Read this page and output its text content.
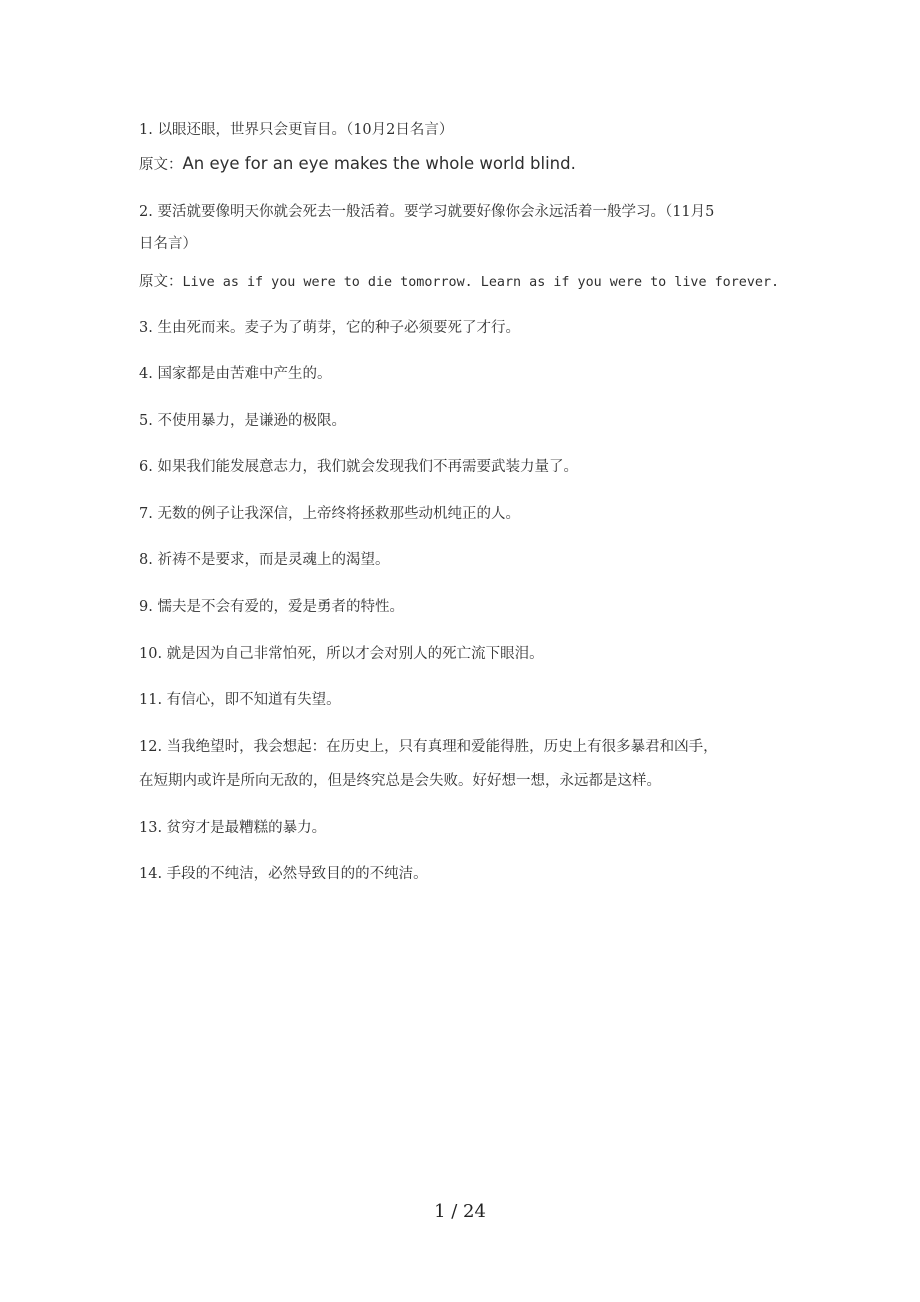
1. 以眼还眼，世界只会更盲目。（10月2日名言）
原文：An eye for an eye makes the whole world blind.
2. 要活就要像明天你就会死去一般活着。要学习就要好像你会永远活着一般学习。（11月5
日名言）
原文：Live as if you were to die tomorrow. Learn as if you were to live forever.
3. 生由死而来。麦子为了萌芽，它的种子必须要死了才行。
4. 国家都是由苦难中产生的。
5. 不使用暴力，是谦逊的极限。
6. 如果我们能发展意志力，我们就会发现我们不再需要武装力量了。
7. 无数的例子让我深信，上帝终将拯救那些动机纯正的人。
8. 祈祷不是要求，而是灵魂上的渴望。
9. 懦夫是不会有爱的，爱是勇者的特性。
10. 就是因为自己非常怕死，所以才会对别人的死亡流下眼泪。
11. 有信心，即不知道有失望。
12. 当我绝望时，我会想起：在历史上，只有真理和爱能得胜，历史上有很多暴君和凶手，
在短期内或许是所向无敌的，但是终究总是会失败。好好想一想，永远都是这样。
13. 贫穷才是最糟糕的暴力。
14. 手段的不纯洁，必然导致目的的不纯洁。
1 / 24
